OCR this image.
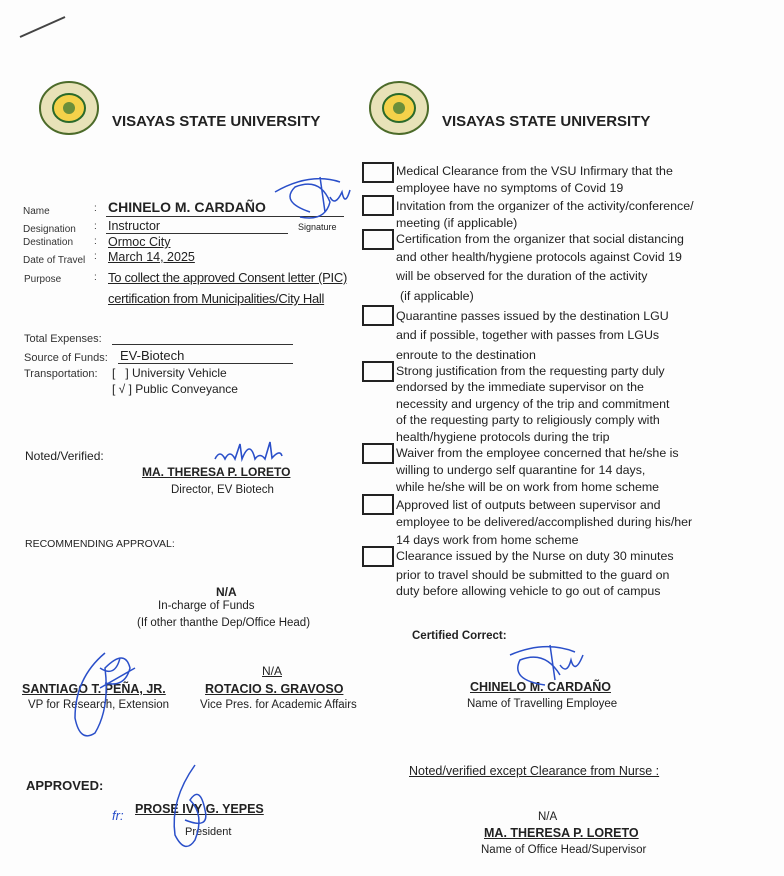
VISAYAS STATE UNIVERSITY	VISAYAS STATE UNIVERSITY
Name	: CHINELO M. CARDAÑO
Signature
Designation : Instructor
Destination : Ormoc City
Date of Travel : March 14, 2025
Purpose	: To collect the approved Consent letter (PIC)
certification from Municipalities/City Hall
Total Expenses:
Source of Funds: EV-Biotech
Transportation: [   ] University Vehicle
[ √ ] Public Conveyance
Noted/Verified:
MA. THERESA P. LORETO
Director, EV Biotech
RECOMMENDING APPROVAL:
N/A
In-charge of Funds
(If other thanthe Dep/Office Head)
SANTIAGO T. PEÑA, JR.
VP for Research, Extension
N/A
ROTACIO S. GRAVOSO
Vice Pres. for Academic Affairs
APPROVED:
fr: PROSE IVY G. YEPES
President
Medical Clearance from the VSU Infirmary that the
employee have no symptoms of Covid 19
Invitation from the organizer of the activity/conference/
meeting (if applicable)
Certification from the organizer that social distancing
and other health/hygiene protocols against Covid 19
will be observed for the duration of the activity
(if applicable)
Quarantine passes issued by the destination LGU
and if possible, together with passes from LGUs
enroute to the destination
Strong justification from the requesting party duly
endorsed by the immediate supervisor on the
necessity and urgency of the trip and commitment
of the requesting party to religiously comply with
health/hygiene protocols during the trip
Waiver from the employee concerned that he/she is
willing to undergo self quarantine for 14 days,
while he/she will be on work from home scheme
Approved list of outputs between supervisor and
employee to be delivered/accomplished during his/her
14 days work from home scheme
Clearance issued by the Nurse on duty 30 minutes
prior to travel should be submitted to the guard on
duty before allowing vehicle to go out of campus
Certified Correct:
CHINELO M. CARDAÑO
Name of Travelling Employee
Noted/verified except Clearance from Nurse :
N/A
MA. THERESA P. LORETO
Name of Office Head/Supervisor
